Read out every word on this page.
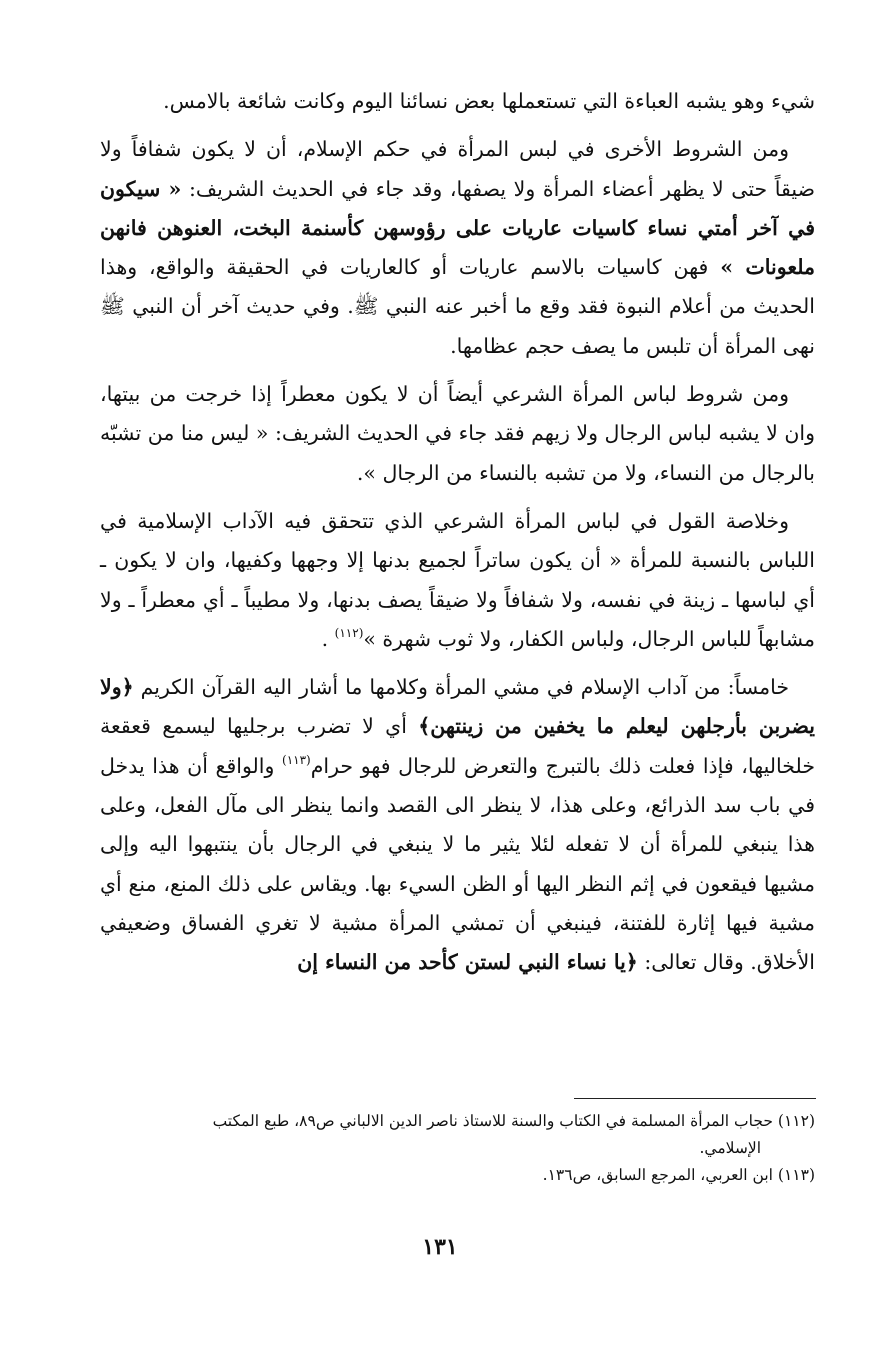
شيء وهو يشبه العباءة التي تستعملها بعض نسائنا اليوم وكانت شائعة بالامس.

ومن الشروط الأخرى في لبس المرأة في حكم الإسلام، أن لا يكون شفافاً ولا ضيقاً حتى لا يظهر أعضاء المرأة ولا يصفها، وقد جاء في الحديث الشريف: « سيكون في آخر أمتي نساء كاسيات عاريات على رؤوسهن كأسنمة البخت، العنوهن فانهن ملعونات » فهن كاسيات بالاسم عاريات أو كالعاريات في الحقيقة والواقع، وهذا الحديث من أعلام النبوة فقد وقع ما أخبر عنه النبي ﷺ. وفي حديث آخر أن النبي ﷺ نهى المرأة أن تلبس ما يصف حجم عظامها.

ومن شروط لباس المرأة الشرعي أيضاً أن لا يكون معطراً إذا خرجت من بيتها، وان لا يشبه لباس الرجال ولا زيهم فقد جاء في الحديث الشريف: « ليس منا من تشبّه بالرجال من النساء، ولا من تشبه بالنساء من الرجال ».

وخلاصة القول في لباس المرأة الشرعي الذي تتحقق فيه الآداب الإسلامية في اللباس بالنسبة للمرأة « أن يكون ساتراً لجميع بدنها إلا وجهها وكفيها، وان لا يكون ـ أي لباسها ـ زينة في نفسه، ولا شفافاً ولا ضيقاً يصف بدنها، ولا مطيباً ـ أي معطراً ـ ولا مشابهاً للباس الرجال، ولباس الكفار، ولا ثوب شهرة »$^{(١١٢)}$ .

خامساً: من آداب الإسلام في مشي المرأة وكلامها ما أشار اليه القرآن الكريم ﴿ولا يضربن بأرجلهن ليعلم ما يخفين من زينتهن﴾ أي لا تضرب برجليها ليسمع قعقعة خلخاليها، فإذا فعلت ذلك بالتبرج والتعرض للرجال فهو حرام$^{(١١٣)}$ والواقع أن هذا يدخل في باب سد الذرائع، وعلى هذا، لا ينظر الى القصد وانما ينظر الى مآل الفعل، وعلى هذا ينبغي للمرأة أن لا تفعله لئلا يثير ما لا ينبغي في الرجال بأن ينتبهوا اليه وإلى مشيها فيقعون في إثم النظر اليها أو الظن السيء بها. ويقاس على ذلك المنع، منع أي مشية فيها إثارة للفتنة، فينبغي أن تمشي المرأة مشية لا تغري الفساق وضعيفي الأخلاق. وقال تعالى: ﴿يا نساء النبي لستن كأحد من النساء إن

(١١٢) حجاب المرأة المسلمة في الكتاب والسنة للاستاذ ناصر الدين الالباني ص٨٩، طبع المكتب

الإسلامي.

(١١٣) ابن العربي، المرجع السابق، ص١٣٦.

١٣١
